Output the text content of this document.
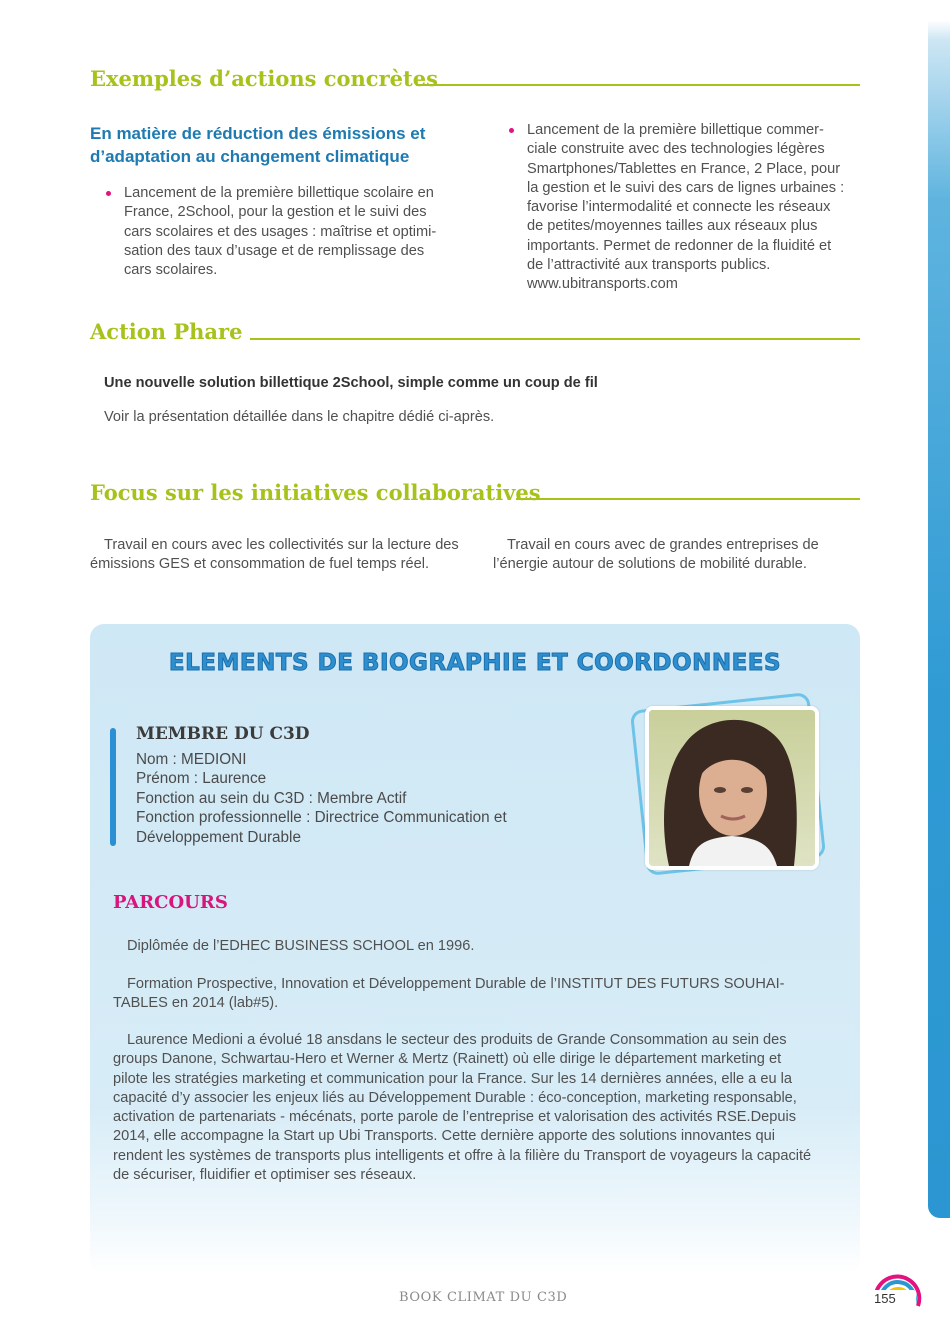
Exemples d’actions concrètes
En matière de réduction des émissions et
d’adaptation au changement climatique
Lancement de la première billettique scolaire en
France, 2School, pour la gestion et le suivi des
cars scolaires et des usages : maîtrise et optimi-
sation des taux d’usage et de remplissage des
cars scolaires.
Lancement de la première billettique commer-
ciale construite avec des technologies légères
Smartphones/Tablettes en France, 2 Place, pour
la gestion et le suivi des cars de lignes urbaines :
favorise l’intermodalité et connecte les réseaux
de petites/moyennes tailles aux réseaux plus
importants. Permet de redonner de la fluidité et
de l’attractivité aux transports publics.
www.ubitransports.com
Action Phare
Une nouvelle solution billettique 2School, simple comme un coup de fil
Voir la présentation détaillée dans le chapitre dédié ci-après.
Focus sur les initiatives collaboratives
Travail en cours avec les collectivités sur la lecture des
émissions GES et consommation de fuel temps réel.
Travail en cours avec de grandes entreprises de
l’énergie autour de solutions de mobilité durable.
ELEMENTS DE BIOGRAPHIE ET COORDONNEES
MEMBRE DU C3D
Nom : MEDIONI
Prénom : Laurence
Fonction au sein du C3D : Membre Actif
Fonction professionnelle : Directrice Communication et
Développement Durable
PARCOURS
Diplômée de l’EDHEC BUSINESS SCHOOL en 1996.
Formation Prospective, Innovation et Développement Durable de l’INSTITUT DES FUTURS SOUHAI-
TABLES en 2014 (lab#5).
Laurence Medioni a évolué 18 ansdans le secteur des produits de Grande Consommation au sein des
groups Danone, Schwartau-Hero et Werner & Mertz (Rainett) où elle dirige le département marketing et
pilote les stratégies marketing et communication pour la France. Sur les 14 dernières années, elle a eu la
capacité d’y associer les enjeux liés au Développement Durable : éco-conception, marketing responsable,
activation de partenariats - mécénats, porte parole de l’entreprise et valorisation des activités RSE.Depuis
2014, elle accompagne la Start up Ubi Transports. Cette dernière apporte des solutions innovantes qui
rendent les systèmes de transports plus intelligents et offre à la filière du Transport de voyageurs la capacité
de sécuriser, fluidifier et optimiser ses réseaux.
BOOK CLIMAT DU C3D	155
